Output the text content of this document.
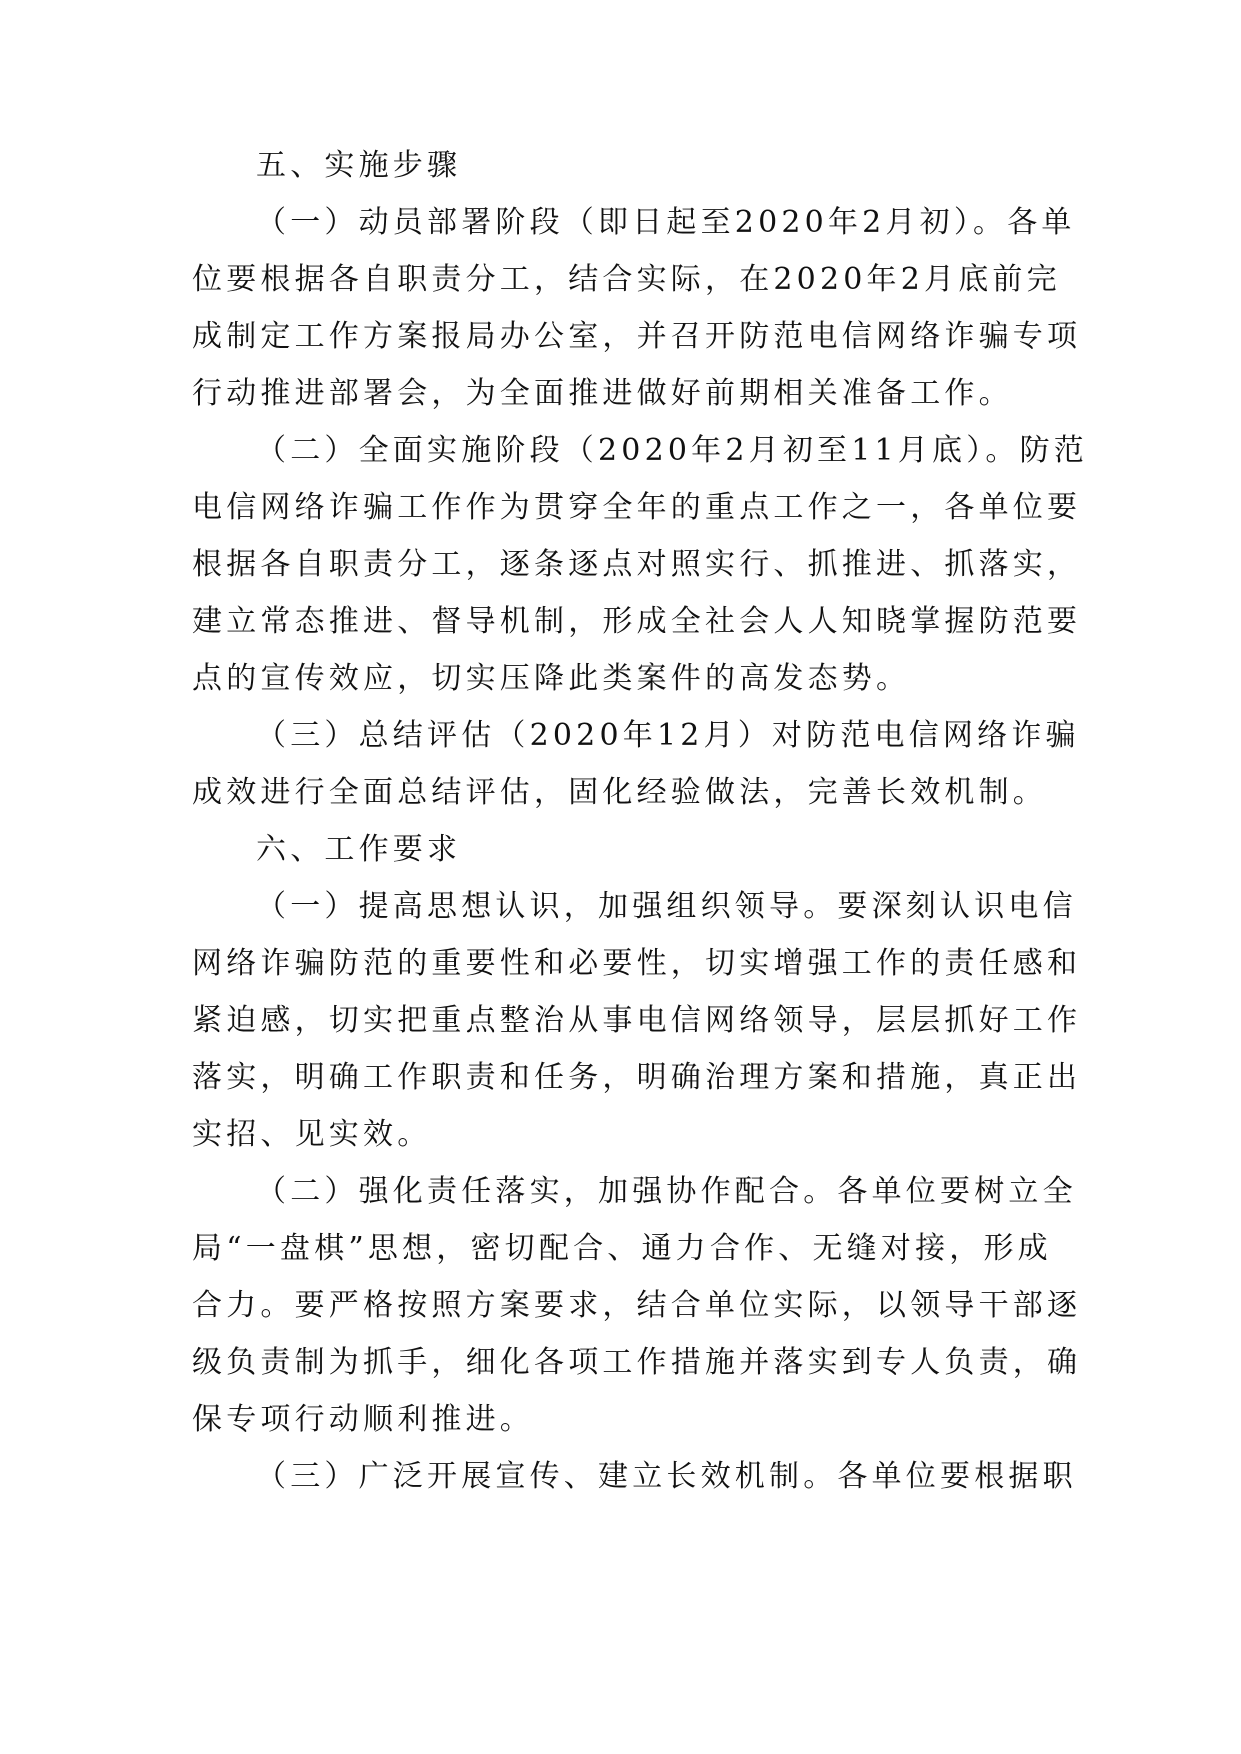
五、实施步骤
（一）动员部署阶段（即日起至2020年2月初）。各单
位要根据各自职责分工，结合实际，在2020年2月底前完
成制定工作方案报局办公室，并召开防范电信网络诈骗专项
行动推进部署会，为全面推进做好前期相关准备工作。
（二）全面实施阶段（2020年2月初至11月底）。防范
电信网络诈骗工作作为贯穿全年的重点工作之一，各单位要
根据各自职责分工，逐条逐点对照实行、抓推进、抓落实，
建立常态推进、督导机制，形成全社会人人知晓掌握防范要
点的宣传效应，切实压降此类案件的高发态势。
（三）总结评估（2020年12月）对防范电信网络诈骗
成效进行全面总结评估，固化经验做法，完善长效机制。
六、工作要求
（一）提高思想认识，加强组织领导。要深刻认识电信
网络诈骗防范的重要性和必要性，切实增强工作的责任感和
紧迫感，切实把重点整治从事电信网络领导，层层抓好工作
落实，明确工作职责和任务，明确治理方案和措施，真正出
实招、见实效。
（二）强化责任落实，加强协作配合。各单位要树立全
局“一盘棋”思想，密切配合、通力合作、无缝对接，形成
合力。要严格按照方案要求，结合单位实际，以领导干部逐
级负责制为抓手，细化各项工作措施并落实到专人负责，确
保专项行动顺利推进。
（三）广泛开展宣传、建立长效机制。各单位要根据职
